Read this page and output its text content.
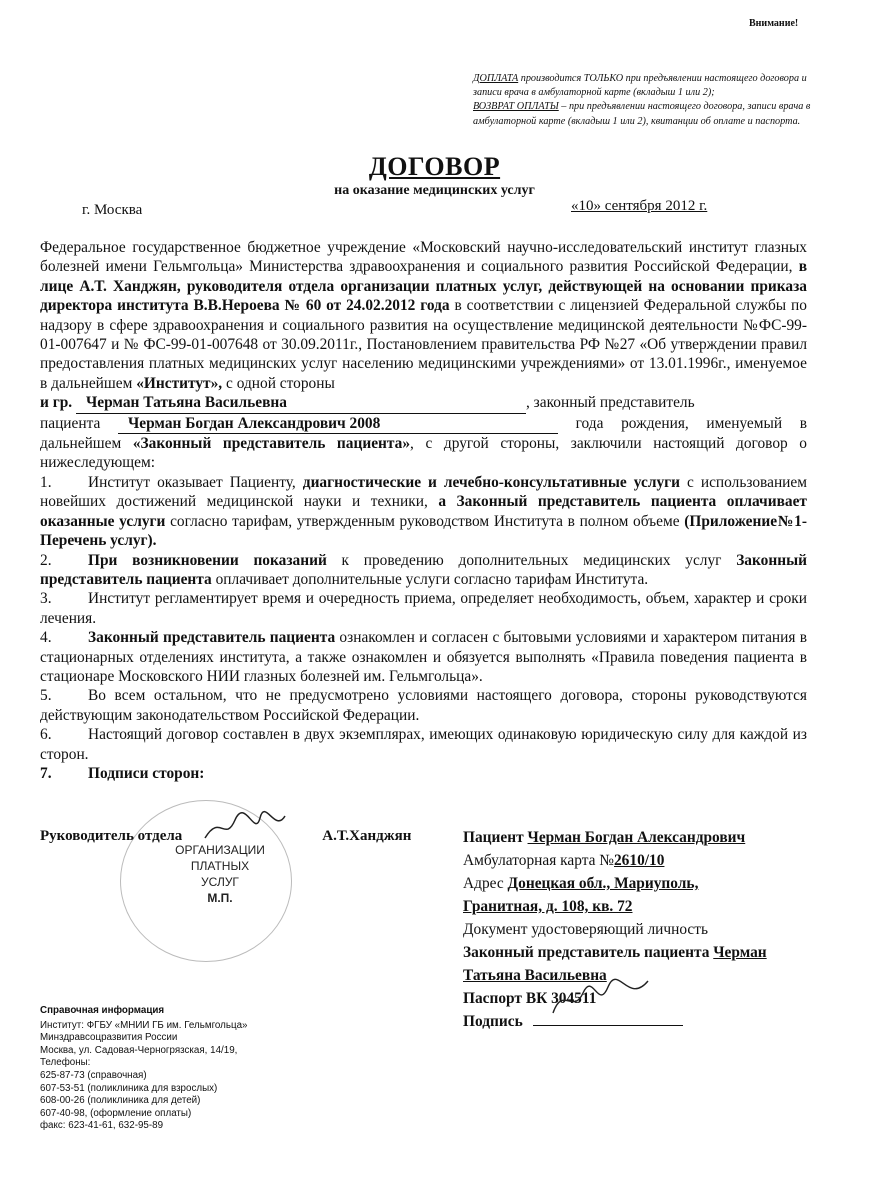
Внимание!
ДОПЛАТА производится ТОЛЬКО при предъявлении настоящего договора и записи врача в амбулаторной карте (вкладыш 1 или 2);
ВОЗВРАТ ОПЛАТЫ – при предъявлении настоящего договора, записи врача в амбулаторной карте (вкладыш 1 или 2), квитанции об оплате и паспорта.
ДОГОВОР
на оказание медицинских услуг
г. Москва	«10» сентября 2012 г.

Федеральное государственное бюджетное учреждение «Московский научно-исследовательский институт глазных болезней имени Гельмгольца» Министерства здравоохранения и социального развития Российской Федерации, в лице А.Т. Ханджян, руководителя отдела организации платных услуг, действующей на основании приказа директора института В.В.Нероева № 60 от 24.02.2012 года в соответствии с лицензией Федеральной службы по надзору в сфере здравоохранения и социального развития на осуществление медицинской деятельности №ФС-99-01-007647 и № ФС-99-01-007648 от 30.09.2011г., Постановлением правительства РФ №27 «Об утверждении правил предоставления платных медицинских услуг населению медицинскими учреждениями» от 13.01.1996г., именуемое в дальнейшем «Институт», с одной стороны
и гр. Черман Татьяна Васильевна	, законный представитель
пациента Черман Богдан Александрович 2008	года рождения, именуемый в дальнейшем «Законный представитель пациента», с другой стороны, заключили настоящий договор о нижеследующем:

1. Институт оказывает Пациенту, диагностические и лечебно-консультативные услуги с использованием новейших достижений медицинской науки и техники, а Законный представитель пациента оплачивает оказанные услуги согласно тарифам, утвержденным руководством Института в полном объеме (Приложение№1- Перечень услуг).

2. При возникновении показаний к проведению дополнительных медицинских услуг Законный представитель пациента оплачивает дополнительные услуги согласно тарифам Института.

3. Институт регламентирует время и очередность приема, определяет необходимость, объем, характер и сроки лечения.

4. Законный представитель пациента ознакомлен и согласен с бытовыми условиями и характером питания в стационарных отделениях института, а также ознакомлен и обязуется выполнять «Правила поведения пациента в стационаре Московского НИИ глазных болезней им. Гельмгольца».

5. Во всем остальном, что не предусмотрено условиями настоящего договора, стороны руководствуются действующим законодательством Российской Федерации.

6. Настоящий договор составлен в двух экземплярах, имеющих одинаковую юридическую силу для каждой из сторон.

7. Подписи сторон:

ОРГАНИЗАЦИИ
ПЛАТНЫХ
УСЛУГ
М.П.
Руководитель отдела	А.Т.Ханджян	Пациент Черман Богдан Александрович
Амбулаторная карта №2610/10
Адрес Донецкая обл., Мариуполь,
Гранитная, д. 108, кв. 72
Документ удостоверяющий личность
Законный представитель пациента Черман
Татьяна Васильевна
Паспорт ВК 304511
Подпись
Справочная информация
Институт: ФГБУ «МНИИ ГБ им. Гельмгольца»
Минздравсоцразвития России
Москва, ул. Садовая-Черногрязская, 14/19,
Телефоны:
625-87-73 (справочная)
607-53-51 (поликлиника для взрослых)
608-00-26 (поликлиника для детей)
607-40-98, (оформление оплаты)
факс: 623-41-61, 632-95-89
